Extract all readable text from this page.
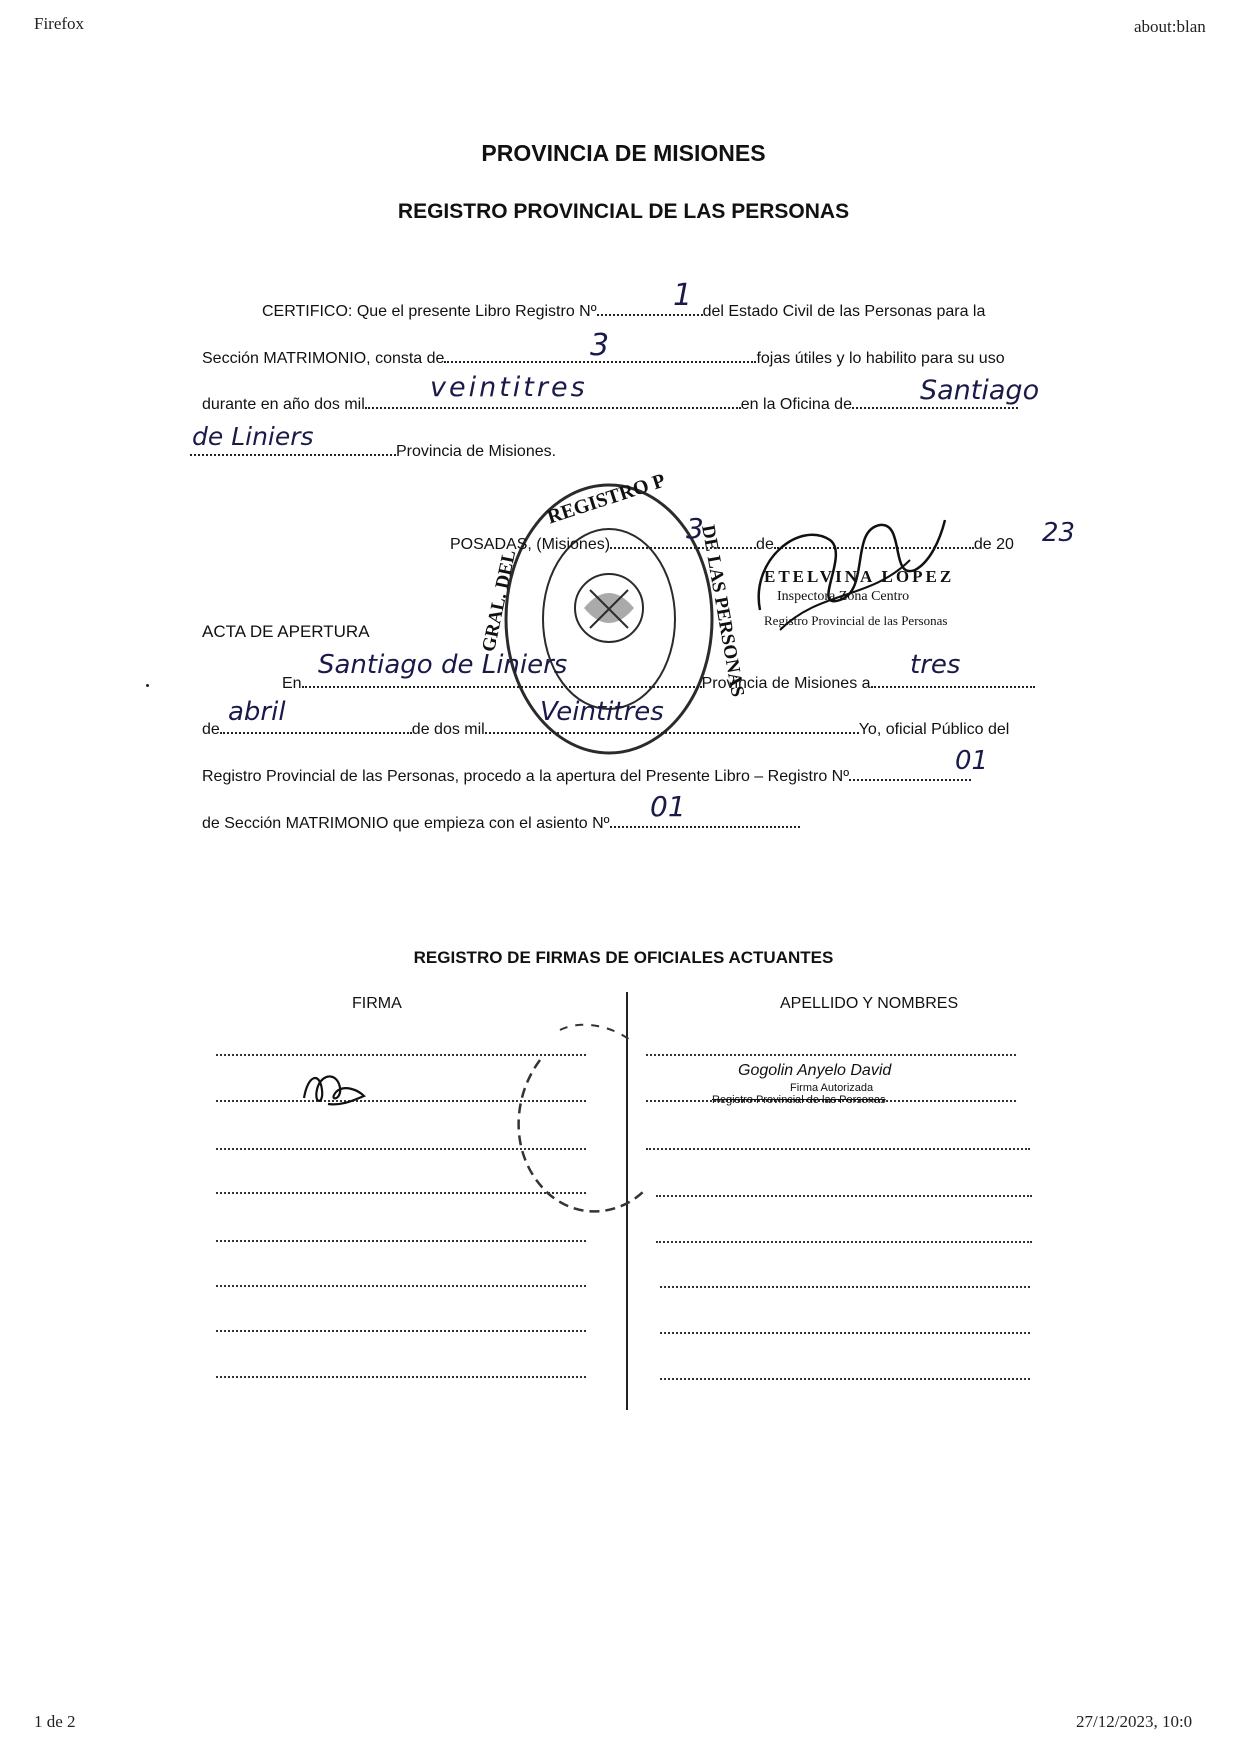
Firefox	about:blan
1 de 2	27/12/2023, 10:0
PROVINCIA DE MISIONES
REGISTRO PROVINCIAL DE LAS PERSONAS
CERTIFICO: Que el presente Libro Registro Nº	del Estado Civil de las Personas para la
1
Sección MATRIMONIO, consta de	fojas útiles y lo habilito para su uso
3
durante en año dos mil	en la Oficina de
veintitres	Santiago
Provincia de Misiones.
de Liniers
REGISTRO P
GRAL. DEL	DE LAS PERSONAS
POSADAS, (Misiones)	de	de 20
3	23
ETELVINA LOPEZ
Inspectora Zona Centro
Registro Provincial de las Personas
ACTA DE APERTURA
En	Provincia de Misiones a
Santiago de Liniers	tres
de	de dos mil	Yo, oficial Público del
abril	Veintitres
Registro Provincial de las Personas, procedo a la apertura del Presente Libro – Registro Nº
01
de Sección MATRIMONIO que empieza con el asiento Nº
01
REGISTRO DE FIRMAS DE OFICIALES ACTUANTES
FIRMA	APELLIDO Y NOMBRES
Gogolin Anyelo David
Firma Autorizada
Registro Provincial de las Personas
